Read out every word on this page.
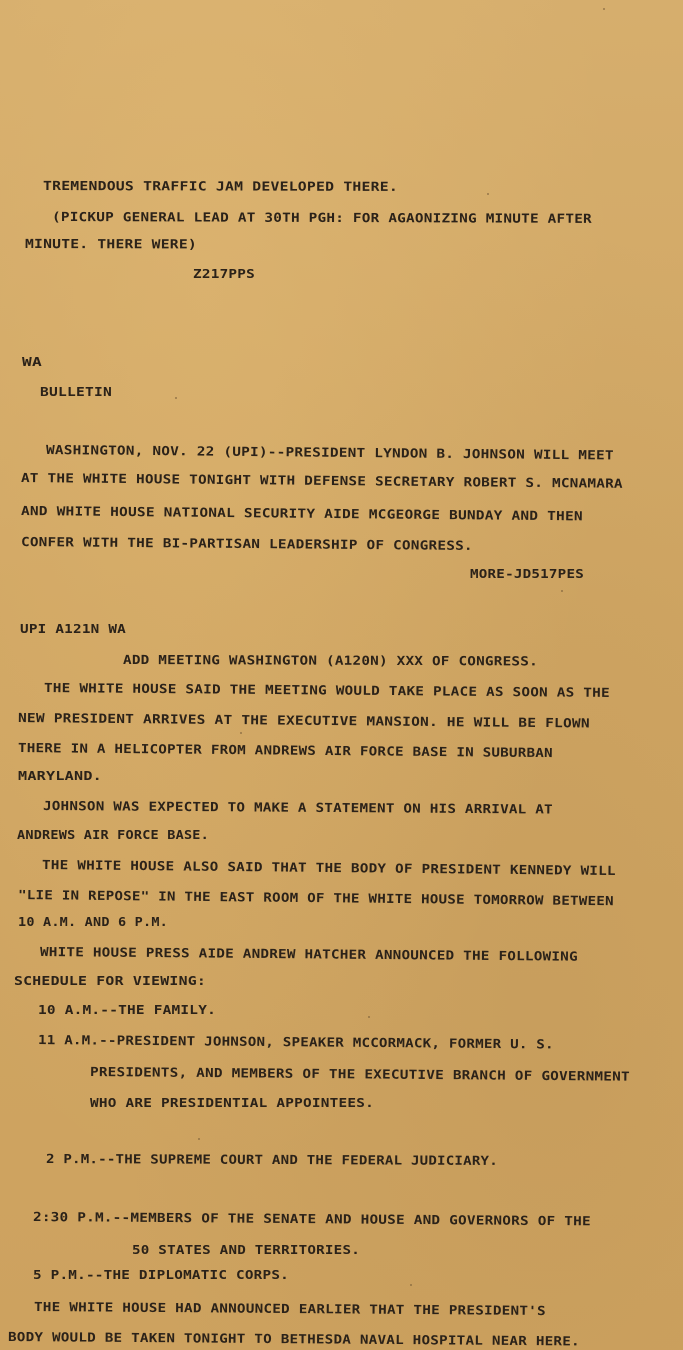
TREMENDOUS TRAFFIC JAM DEVELOPED THERE.

(PICKUP GENERAL LEAD AT 30TH PGH: FOR AGAONIZING MINUTE AFTER

MINUTE. THERE WERE)

Z217PPS

WA

BULLETIN

WASHINGTON, NOV. 22 (UPI)--PRESIDENT LYNDON B. JOHNSON WILL MEET

AT THE WHITE HOUSE TONIGHT WITH DEFENSE SECRETARY ROBERT S. MCNAMARA

AND WHITE HOUSE NATIONAL SECURITY AIDE MCGEORGE BUNDAY AND THEN

CONFER WITH THE BI-PARTISAN LEADERSHIP OF CONGRESS.

MORE-JD517PES

UPI A121N WA

ADD MEETING WASHINGTON (A120N) XXX OF CONGRESS.

THE WHITE HOUSE SAID THE MEETING WOULD TAKE PLACE AS SOON AS THE

NEW PRESIDENT ARRIVES AT THE EXECUTIVE MANSION. HE WILL BE FLOWN

THERE IN A HELICOPTER FROM ANDREWS AIR FORCE BASE IN SUBURBAN

MARYLAND.

JOHNSON WAS EXPECTED TO MAKE A STATEMENT ON HIS ARRIVAL AT

ANDREWS AIR FORCE BASE.

THE WHITE HOUSE ALSO SAID THAT THE BODY OF PRESIDENT KENNEDY WILL

"LIE IN REPOSE" IN THE EAST ROOM OF THE WHITE HOUSE TOMORROW BETWEEN

10 A.M. AND 6 P.M.

WHITE HOUSE PRESS AIDE ANDREW HATCHER ANNOUNCED THE FOLLOWING

SCHEDULE FOR VIEWING:

10 A.M.--THE FAMILY.

11 A.M.--PRESIDENT JOHNSON, SPEAKER MCCORMACK, FORMER U. S.

PRESIDENTS, AND MEMBERS OF THE EXECUTIVE BRANCH OF GOVERNMENT

WHO ARE PRESIDENTIAL APPOINTEES.

2 P.M.--THE SUPREME COURT AND THE FEDERAL JUDICIARY.

2:30 P.M.--MEMBERS OF THE SENATE AND HOUSE AND GOVERNORS OF THE

50 STATES AND TERRITORIES.

5 P.M.--THE DIPLOMATIC CORPS.

THE WHITE HOUSE HAD ANNOUNCED EARLIER THAT THE PRESIDENT'S

BODY WOULD BE TAKEN TONIGHT TO BETHESDA NAVAL HOSPITAL NEAR HERE.
